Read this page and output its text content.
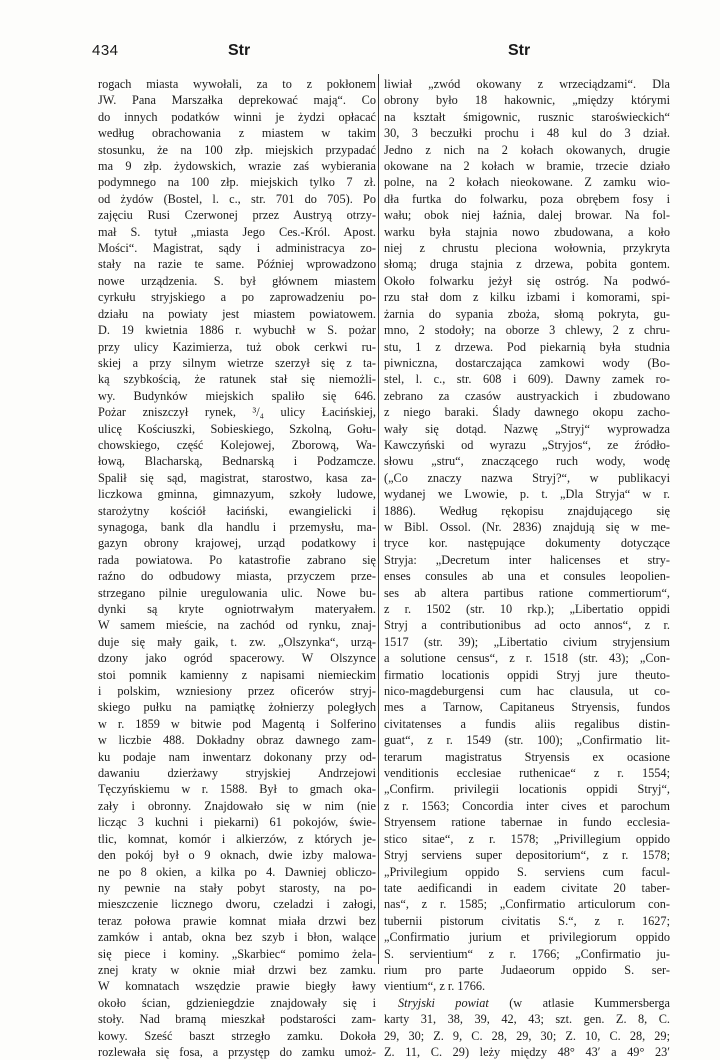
434	Str	Str
rogach miasta wywołali, za to z pokłonem
JW. Pana Marszałka deprekować mają“. Co
do innych podatków winni je żydzi opłacać
według obrachowania z miastem w takim
stosunku, że na 100 złp. miejskich przypadać
ma 9 złp. żydowskich, wrazie zaś wybierania
podymnego na 100 złp. miejskich tylko 7 zł.
od żydów (Bostel, l. c., str. 701 do 705). Po
zajęciu Rusi Czerwonej przez Austryą otrzy-
mał S. tytuł „miasta Jego Ces.-Król. Apost.
Mości“. Magistrat, sądy i administracya zo-
stały na razie te same. Później wprowadzono
nowe urządzenia. S. był głównem miastem
cyrkułu stryjskiego a po zaprowadzeniu po-
działu na powiaty jest miastem powiatowem.
D. 19 kwietnia 1886 r. wybuchł w S. pożar
przy ulicy Kazimierza, tuż obok cerkwi ru-
skiej a przy silnym wietrze szerzył się z ta-
ką szybkością, że ratunek stał się niemożli-
wy. Budynków miejskich spaliło się 646.
Pożar zniszczył rynek, ³/₄ ulicy Łacińskiej,
ulicę Kościuszki, Sobieskiego, Szkolną, Gołu-
chowskiego, część Kolejowej, Zborową, Wa-
łową, Blacharską, Bednarską i Podzamcze.
Spalił się sąd, magistrat, starostwo, kasa za-
liczkowa gminna, gimnazyum, szkoły ludowe,
starożytny kościół łaciński, ewangielicki i
synagoga, bank dla handlu i przemysłu, ma-
gazyn obrony krajowej, urząd podatkowy i
rada powiatowa. Po katastrofie zabrano się
raźno do odbudowy miasta, przyczem prze-
strzegano pilnie uregulowania ulic. Nowe bu-
dynki są kryte ogniotrwałym materyałem.
W samem mieście, na zachód od rynku, znaj-
duje się mały gaik, t. zw. „Olszynka“, urzą-
dzony jako ogród spacerowy. W Olszynce
stoi pomnik kamienny z napisami niemieckim
i polskim, wzniesiony przez oficerów stryj-
skiego pułku na pamiątkę żołnierzy poległych
w r. 1859 w bitwie pod Magentą i Solferino
w liczbie 488. Dokładny obraz dawnego zam-
ku podaje nam inwentarz dokonany przy od-
dawaniu dzierżawy stryjskiej Andrzejowi
Tęczyńskiemu w r. 1588. Był to gmach oka-
zały i obronny. Znajdowało się w nim (nie
licząc 3 kuchni i piekarni) 61 pokojów, świe-
tlic, komnat, komór i alkierzów, z których je-
den pokój był o 9 oknach, dwie izby malowa-
ne po 8 okien, a kilka po 4. Dawniej obliczo-
ny pewnie na stały pobyt starosty, na po-
mieszczenie licznego dworu, czeladzi i załogi,
teraz połowa prawie komnat miała drzwi bez
zamków i antab, okna bez szyb i błon, walące
się piece i kominy. „Skarbiec“ pomimo żela-
znej kraty w oknie miał drzwi bez zamku.
W komnatach wszędzie prawie biegły ławy
około ścian, gdzieniegdzie znajdowały się i
stoły. Nad bramą mieszkał podstarości zam-
kowy. Sześć baszt strzegło zamku. Dokoła
rozlewała się fosa, a przystęp do zamku umoż-
liwiał „zwód okowany z wrzeciądzami“. Dla
obrony było 18 hakownic, „między którymi
na kształt śmigownic, rusznic staroświeckich“
30, 3 beczułki prochu i 48 kul do 3 dział.
Jedno z nich na 2 kołach okowanych, drugie
okowane na 2 kołach w bramie, trzecie działo
polne, na 2 kołach nieokowane. Z zamku wio-
dła furtka do folwarku, poza obrębem fosy i
wału; obok niej łaźnia, dalej browar. Na fol-
warku była stajnia nowo zbudowana, a koło
niej z chrustu pleciona wołownia, przykryta
słomą; druga stajnia z drzewa, pobita gontem.
Około folwarku jeżył się ostróg. Na podwó-
rzu stał dom z kilku izbami i komorami, spi-
żarnia do sypania zboża, słomą pokryta, gu-
mno, 2 stodoły; na oborze 3 chlewy, 2 z chru-
stu, 1 z drzewa. Pod piekarnią była studnia
piwniczna, dostarczająca zamkowi wody (Bo-
stel, l. c., str. 608 i 609). Dawny zamek ro-
zebrano za czasów austryackich i zbudowano
z niego baraki. Ślady dawnego okopu zacho-
wały się dotąd. Nazwę „Stryj“ wyprowadza
Kawczyński od wyrazu „Stryjos“, ze źródło-
słowu „stru“, znaczącego ruch wody, wodę
(„Co znaczy nazwa Stryj?“, w publikacyi
wydanej we Lwowie, p. t. „Dla Stryja“ w r.
1886). Według rękopisu znajdującego się
w Bibl. Ossol. (Nr. 2836) znajdują się w me-
tryce kor. następujące dokumenty dotyczące
Stryja: „Decretum inter halicenses et stry-
enses consules ab una et consules leopolien-
ses ab altera partibus ratione commertiorum“,
z r. 1502 (str. 10 rkp.); „Libertatio oppidi
Stryj a contributionibus ad octo annos“, z r.
1517 (str. 39); „Libertatio civium stryjensium
a solutione census“, z r. 1518 (str. 43); „Con-
firmatio locationis oppidi Stryj jure theuto-
nico-magdeburgensi cum hac clausula, ut co-
mes a Tarnow, Capitaneus Stryensis, fundos
civitatenses a fundis aliis regalibus distin-
guat“, z r. 1549 (str. 100); „Confirmatio lit-
terarum magistratus Stryensis ex ocasione
venditionis ecclesiae ruthenicae“ z r. 1554;
„Confirm. privilegii locationis oppidi Stryj“,
z r. 1563; Concordia inter cives et parochum
Stryensem ratione tabernae in fundo ecclesia-
stico sitae“, z r. 1578; „Privillegium oppido
Stryj serviens super depositorium“, z r. 1578;
„Privilegium oppido S. serviens cum facul-
tate aedificandi in eadem civitate 20 taber-
nas“, z r. 1585; „Confirmatio articulorum con-
tubernii pistorum civitatis S.“, z r. 1627;
„Confirmatio jurium et privilegiorum oppido
S. servientium“ z r. 1766; „Confirmatio ju-
rium pro parte Judaeorum oppido S. ser-
vientium“, z r. 1766.
Stryjski powiat (w atlasie Kummersberga
karty 31, 38, 39, 42, 43; szt. gen. Z. 8, C.
29, 30; Z. 9, C. 28, 29, 30; Z. 10, C. 28, 29;
Z. 11, C. 29) leży między 48° 43′ a 49° 23′
